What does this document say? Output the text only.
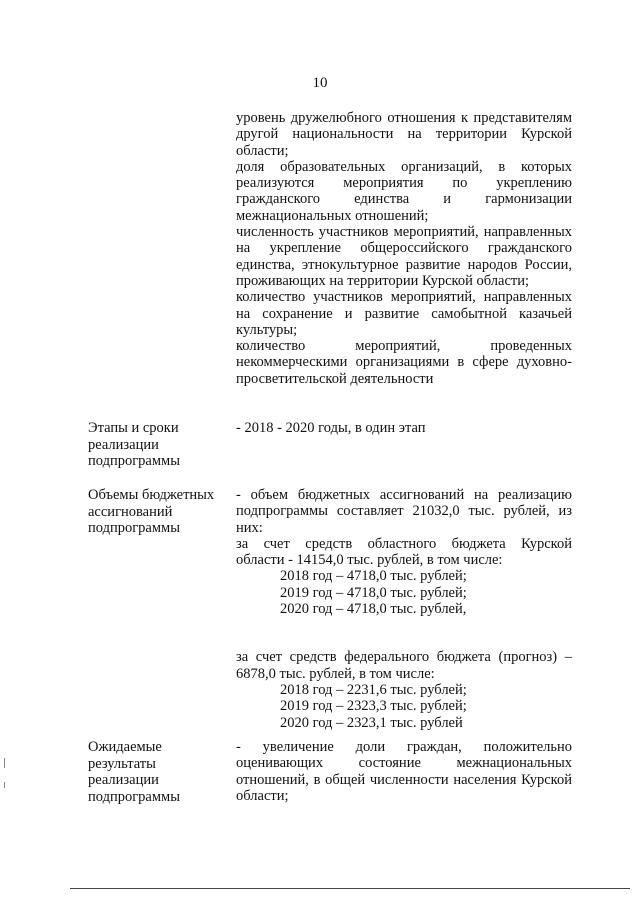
10

уровень дружелюбного отношения к представителям

другой национальности на территории Курской

области;

доля образовательных организаций, в которых

реализуются мероприятия по укреплению

гражданского единства и гармонизации

межнациональных отношений;

численность участников мероприятий, направленных

на укрепление общероссийского гражданского

единства, этнокультурное развитие народов России,

проживающих на территории Курской области;

количество участников мероприятий, направленных

на сохранение и развитие самобытной казачьей

культуры;

количество мероприятий, проведенных

некоммерческими организациями в сфере духовно-

просветительской деятельности

Этапы и сроки
реализации
подпрограммы

- 2018 - 2020 годы, в один этап

Объемы бюджетных
ассигнований
подпрограммы

- объем бюджетных ассигнований на реализацию

подпрограммы составляет 21032,0 тыс. рублей, из

них:

за счет средств областного бюджета Курской

области - 14154,0 тыс. рублей, в том числе:

2018 год – 4718,0 тыс. рублей;

2019 год – 4718,0 тыс. рублей;

2020 год – 4718,0 тыс. рублей,

за счет средств федерального бюджета (прогноз) –

6878,0 тыс. рублей, в том числе:

2018 год – 2231,6 тыс. рублей;

2019 год – 2323,3 тыс. рублей;

2020 год – 2323,1 тыс. рублей

Ожидаемые
результаты
реализации
подпрограммы

- увеличение доли граждан, положительно

оценивающих состояние межнациональных

отношений, в общей численности населения Курской

области;
